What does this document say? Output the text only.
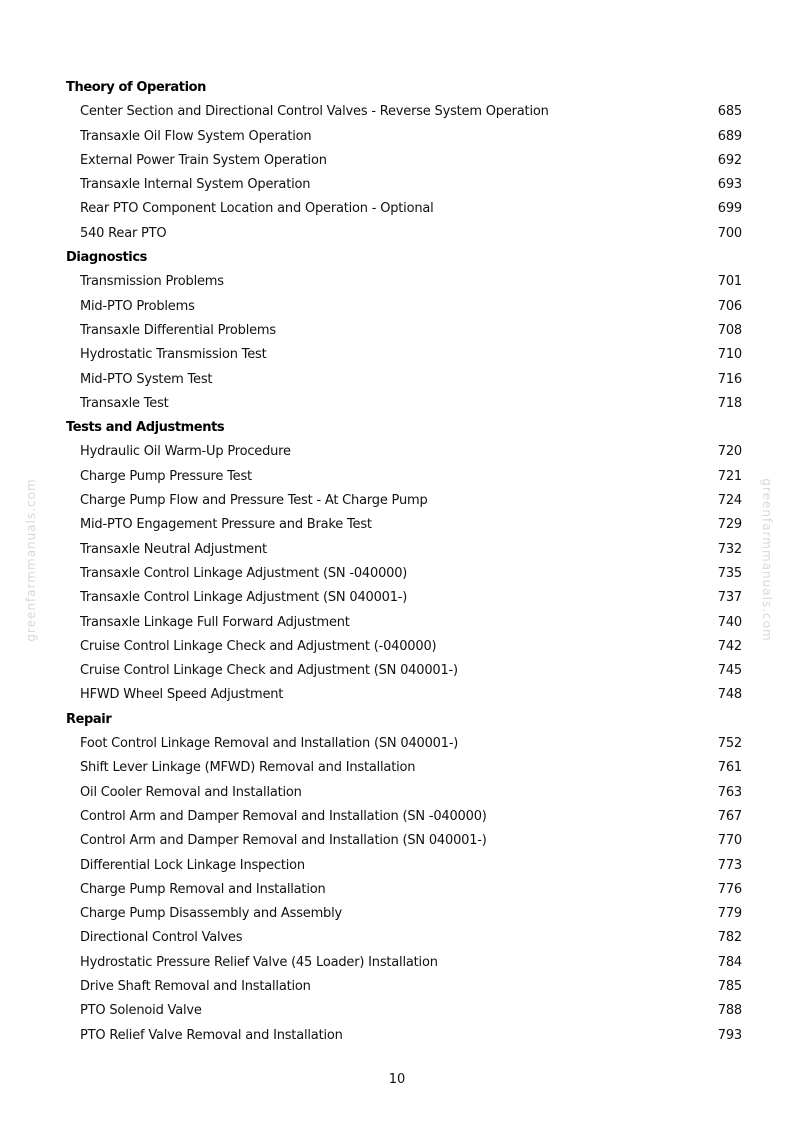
Theory of Operation
Center Section and Directional Control Valves - Reverse System Operation	685
Transaxle Oil Flow System Operation	689
External Power Train System Operation	692
Transaxle Internal System Operation	693
Rear PTO Component Location and Operation - Optional	699
540 Rear PTO	700
Diagnostics
Transmission Problems	701
Mid-PTO Problems	706
Transaxle Differential Problems	708
Hydrostatic Transmission Test	710
Mid-PTO System Test	716
Transaxle Test	718
Tests and Adjustments
Hydraulic Oil Warm-Up Procedure	720
Charge Pump Pressure Test	721
Charge Pump Flow and Pressure Test - At Charge Pump	724
Mid-PTO Engagement Pressure and Brake Test	729
Transaxle Neutral Adjustment	732
Transaxle Control Linkage Adjustment (SN -040000)	735
Transaxle Control Linkage Adjustment (SN 040001-)	737
Transaxle Linkage Full Forward Adjustment	740
Cruise Control Linkage Check and Adjustment (-040000)	742
Cruise Control Linkage Check and Adjustment (SN 040001-)	745
HFWD Wheel Speed Adjustment	748
Repair
Foot Control Linkage Removal and Installation (SN 040001-)	752
Shift Lever Linkage (MFWD) Removal and Installation	761
Oil Cooler Removal and Installation	763
Control Arm and Damper Removal and Installation (SN -040000)	767
Control Arm and Damper Removal and Installation (SN 040001-)	770
Differential Lock Linkage Inspection	773
Charge Pump Removal and Installation	776
Charge Pump Disassembly and Assembly	779
Directional Control Valves	782
Hydrostatic Pressure Relief Valve (45 Loader) Installation	784
Drive Shaft Removal and Installation	785
PTO Solenoid Valve	788
PTO Relief Valve Removal and Installation	793
greenfarmmanuals.com	greenfarmmanuals.com
10
